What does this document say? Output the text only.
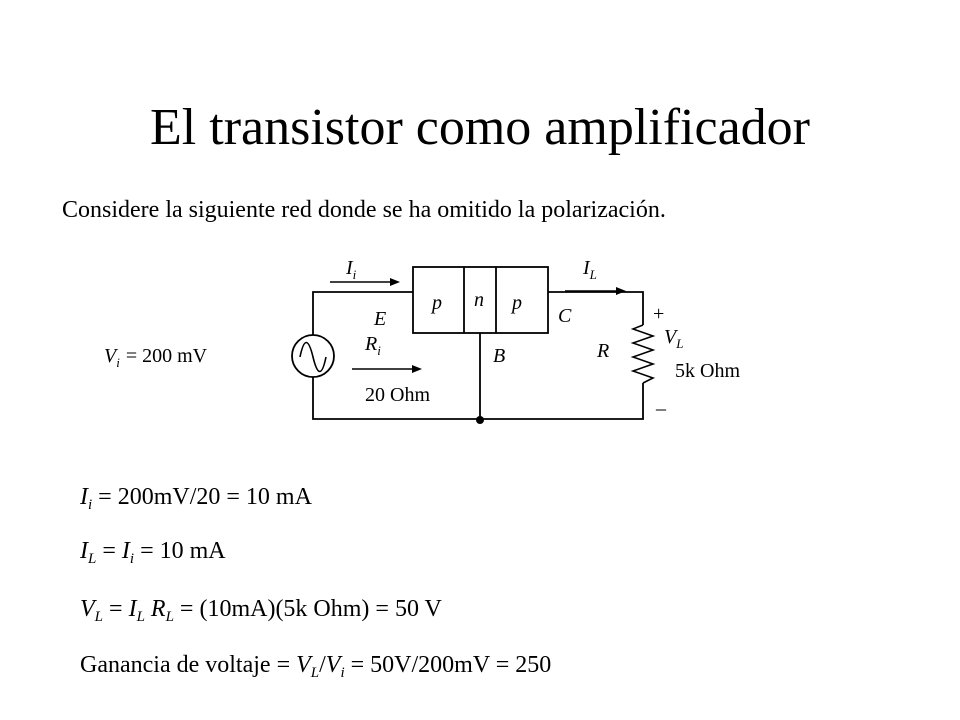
El transistor como amplificador
Considere la siguiente red donde se ha omitido la polarización.
$I_i$	$I_L$
p n p
E	C
B	R
$R_i$
20 Ohm
$V_i = 200$ mV
+
$V_L$
5k Ohm
_
$I_i = 200mV/20 = 10$ mA
$I_L = I_i = 10$ mA
$V_L = I_L$ $R_L = (10mA)(5k$ Ohm) = 50 V
Ganancia de voltaje = $V_L/V_i = 50V/200mV = 250$
